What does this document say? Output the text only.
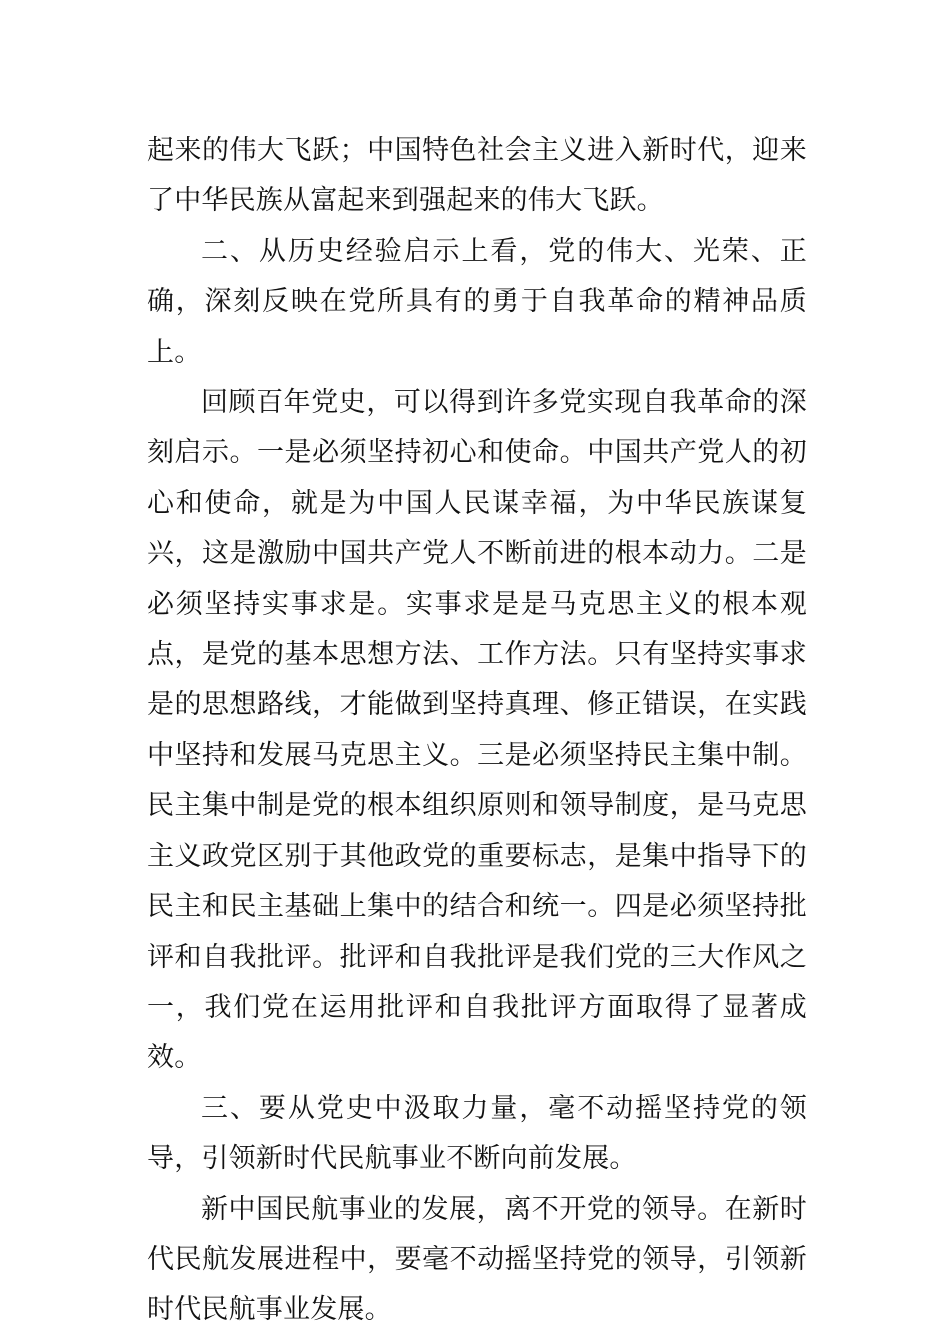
起来的伟大飞跃；中国特色社会主义进入新时代，迎来了中华民族从富起来到强起来的伟大飞跃。

二、从历史经验启示上看，党的伟大、光荣、正确，深刻反映在党所具有的勇于自我革命的精神品质上。

回顾百年党史，可以得到许多党实现自我革命的深刻启示。一是必须坚持初心和使命。中国共产党人的初心和使命，就是为中国人民谋幸福，为中华民族谋复兴，这是激励中国共产党人不断前进的根本动力。二是必须坚持实事求是。实事求是是马克思主义的根本观点，是党的基本思想方法、工作方法。只有坚持实事求是的思想路线，才能做到坚持真理、修正错误，在实践中坚持和发展马克思主义。三是必须坚持民主集中制。民主集中制是党的根本组织原则和领导制度，是马克思主义政党区别于其他政党的重要标志，是集中指导下的民主和民主基础上集中的结合和统一。四是必须坚持批评和自我批评。批评和自我批评是我们党的三大作风之一，我们党在运用批评和自我批评方面取得了显著成效。

三、要从党史中汲取力量，毫不动摇坚持党的领导，引领新时代民航事业不断向前发展。

新中国民航事业的发展，离不开党的领导。在新时代民航发展进程中，要毫不动摇坚持党的领导，引领新时代民航事业发展。
